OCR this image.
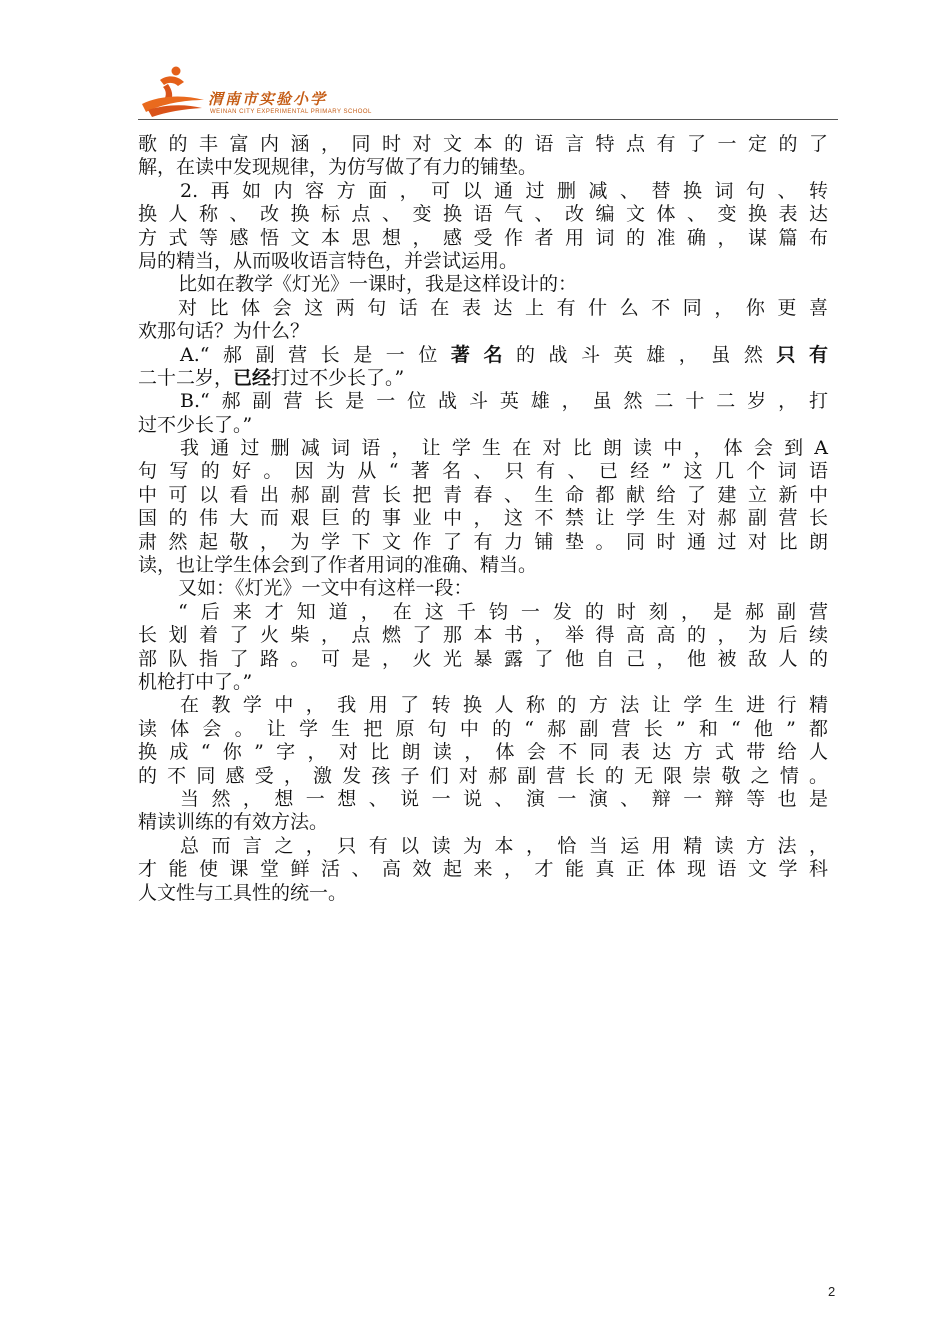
渭南市实验小学
WEINAN CITY EXPERIMENTAL PRIMARY SCHOOL
歌的丰富内涵，同时对文本的语言特点有了一定的了
解，在读中发现规律，为仿写做了有力的铺垫。
2.再如内容方面，可以通过删减、替换词句、转
换人称、改换标点、变换语气、改编文体、变换表达
方式等感悟文本思想，感受作者用词的准确，谋篇布
局的精当，从而吸收语言特色，并尝试运用。
比如在教学《灯光》一课时，我是这样设计的：
对比体会这两句话在表达上有什么不同，你更喜
欢那句话？为什么？
A.“郝副营长是一位著名的战斗英雄，虽然只有
二十二岁，已经打过不少长了。”
B.“郝副营长是一位战斗英雄，虽然二十二岁，打
过不少长了。”
我通过删减词语，让学生在对比朗读中，体会到A
句写的好。因为从“著名、只有、已经”这几个词语
中可以看出郝副营长把青春、生命都献给了建立新中
国的伟大而艰巨的事业中，这不禁让学生对郝副营长
肃然起敬，为学下文作了有力铺垫。同时通过对比朗
读，也让学生体会到了作者用词的准确、精当。
又如：《灯光》一文中有这样一段：
“后来才知道，在这千钧一发的时刻，是郝副营
长划着了火柴，点燃了那本书，举得高高的，为后续
部队指了路。可是，火光暴露了他自己，他被敌人的
机枪打中了。”
在教学中，我用了转换人称的方法让学生进行精
读体会。让学生把原句中的“郝副营长”和“他”都
换成“你”字，对比朗读，体会不同表达方式带给人
的不同感受，激发孩子们对郝副营长的无限崇敬之情。
当然，想一想、说一说、演一演、辩一辩等也是
精读训练的有效方法。
总而言之，只有以读为本，恰当运用精读方法，
才能使课堂鲜活、高效起来，才能真正体现语文学科
人文性与工具性的统一。
2
